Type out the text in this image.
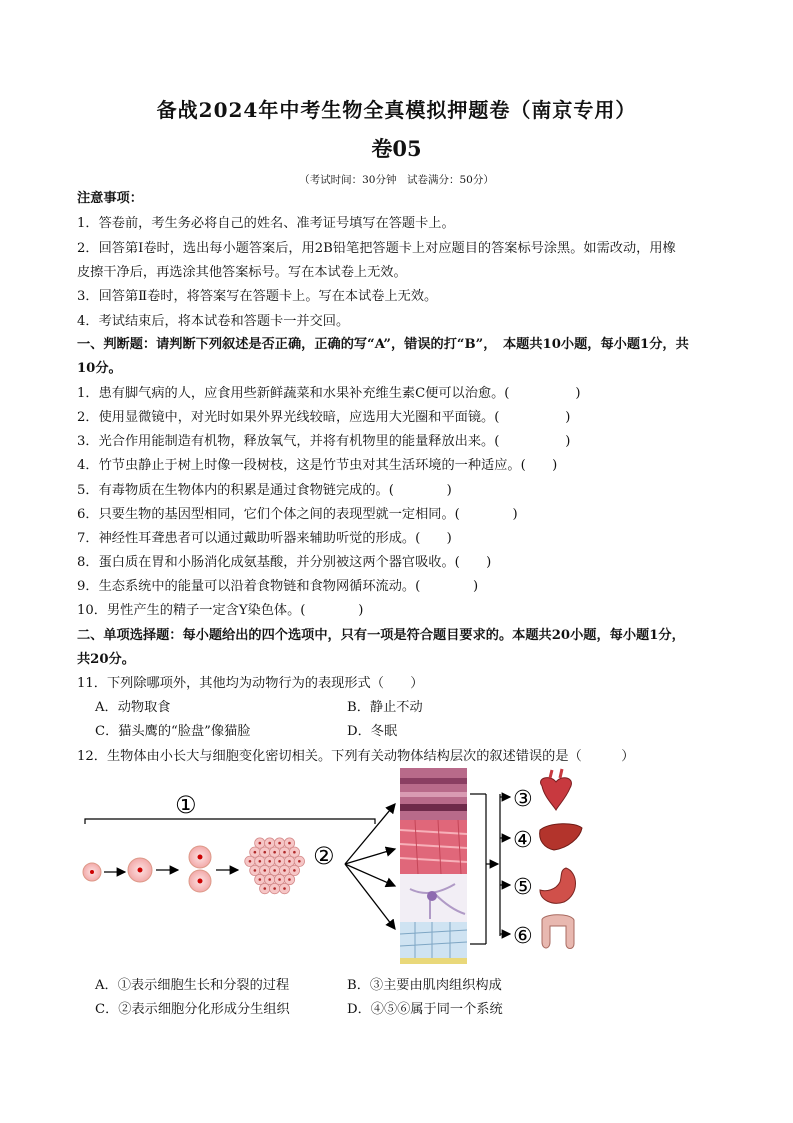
备战2024年中考生物全真模拟押题卷（南京专用）
卷05
（考试时间：30分钟　试卷满分：50分）
注意事项：
1．答卷前，考生务必将自己的姓名、准考证号填写在答题卡上。
2．回答第Ⅰ卷时，选出每小题答案后，用2B铅笔把答题卡上对应题目的答案标号涂黑。如需改动，用橡
皮擦干净后，再选涂其他答案标号。写在本试卷上无效。
3．回答第Ⅱ卷时，将答案写在答题卡上。写在本试卷上无效。
4．考试结束后，将本试卷和答题卡一并交回。
一、判断题：请判断下列叙述是否正确，正确的写“A”，错误的打“B”，　本题共10小题，每小题1分，共
10分。
1．患有脚气病的人，应食用些新鲜蔬菜和水果补充维生素C便可以治愈。(　　　　　)
2．使用显微镜中，对光时如果外界光线较暗，应选用大光圈和平面镜。(　　　　　)
3．光合作用能制造有机物，释放氧气，并将有机物里的能量释放出来。(　　　　　)
4．竹节虫静止于树上时像一段树枝，这是竹节虫对其生活环境的一种适应。(　　)
5．有毒物质在生物体内的积累是通过食物链完成的。(　　　　)
6．只要生物的基因型相同，它们个体之间的表现型就一定相同。(　　　　)
7．神经性耳聋患者可以通过戴助听器来辅助听觉的形成。(　　)
8．蛋白质在胃和小肠消化成氨基酸，并分别被这两个器官吸收。(　　)
9．生态系统中的能量可以沿着食物链和食物网循环流动。(　　　　)
10．男性产生的精子一定含Y染色体。(　　　　)
二、单项选择题：每小题给出的四个选项中，只有一项是符合题目要求的。本题共20小题，每小题1分，
共20分。
11．下列除哪项外，其他均为动物行为的表现形式（　　）
A．动物取食	B．静止不动
C．猫头鹰的“脸盘”像猫脸	D．冬眠
12．生物体由小长大与细胞变化密切相关。下列有关动物体结构层次的叙述错误的是（　　　）
①
②
③
④
⑤
⑥
A．①表示细胞生长和分裂的过程	B．③主要由肌肉组织构成
C．②表示细胞分化形成分生组织	D．④⑤⑥属于同一个系统
